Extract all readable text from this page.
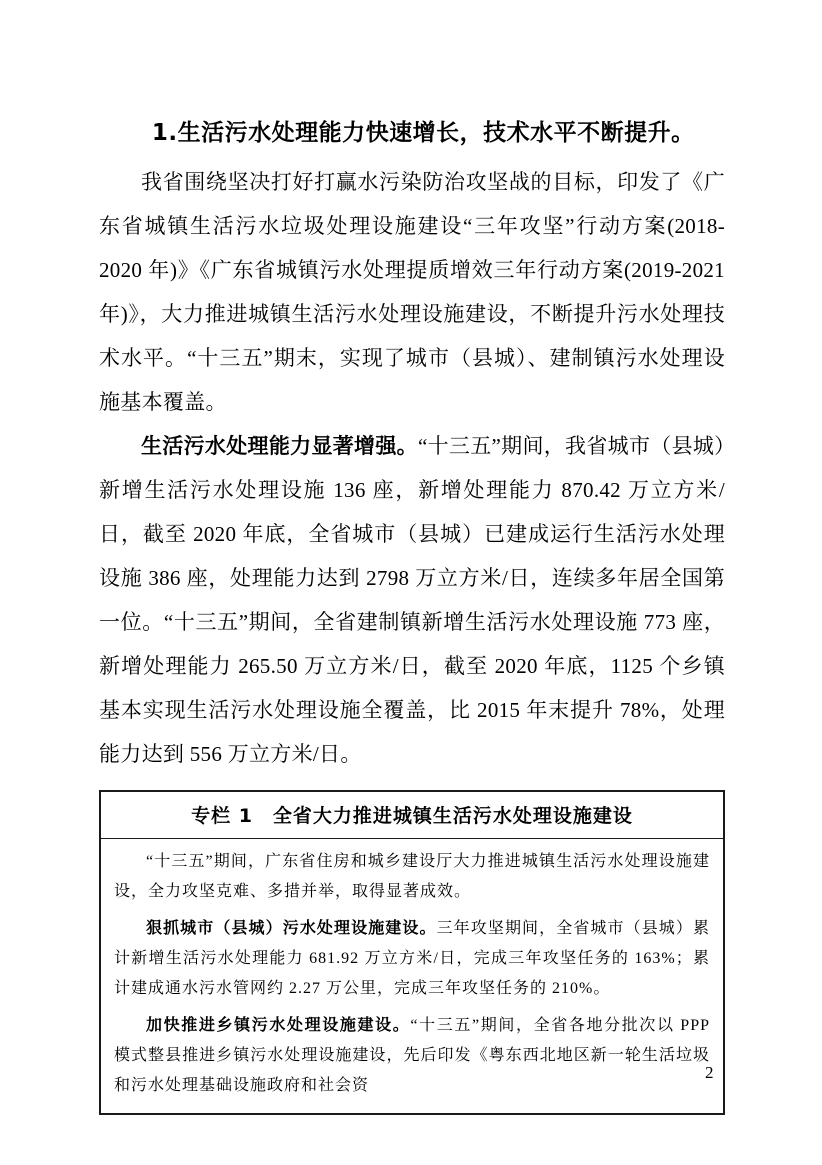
1.生活污水处理能力快速增长，技术水平不断提升。

我省围绕坚决打好打赢水污染防治攻坚战的目标，印发了《广东省城镇生活污水垃圾处理设施建设“三年攻坚”行动方案(2018-2020 年)》《广东省城镇污水处理提质增效三年行动方案(2019-2021 年)》，大力推进城镇生活污水处理设施建设，不断提升污水处理技术水平。“十三五”期末，实现了城市（县城）、建制镇污水处理设施基本覆盖。

生活污水处理能力显著增强。“十三五”期间，我省城市（县城）新增生活污水处理设施 136 座，新增处理能力 870.42 万立方米/日，截至 2020 年底，全省城市（县城）已建成运行生活污水处理设施 386 座，处理能力达到 2798 万立方米/日，连续多年居全国第一位。“十三五”期间，全省建制镇新增生活污水处理设施 773 座，新增处理能力 265.50 万立方米/日，截至 2020 年底，1125 个乡镇基本实现生活污水处理设施全覆盖，比 2015 年末提升 78%，处理能力达到 556 万立方米/日。

专栏 1　全省大力推进城镇生活污水处理设施建设

“十三五”期间，广东省住房和城乡建设厅大力推进城镇生活污水处理设施建设，全力攻坚克难、多措并举，取得显著成效。

狠抓城市（县城）污水处理设施建设。三年攻坚期间，全省城市（县城）累计新增生活污水处理能力 681.92 万立方米/日，完成三年攻坚任务的 163%；累计建成通水污水管网约 2.27 万公里，完成三年攻坚任务的 210%。

加快推进乡镇污水处理设施建设。“十三五”期间，全省各地分批次以 PPP 模式整县推进乡镇污水处理设施建设，先后印发《粤东西北地区新一轮生活垃圾和污水处理基础设施政府和社会资

2
